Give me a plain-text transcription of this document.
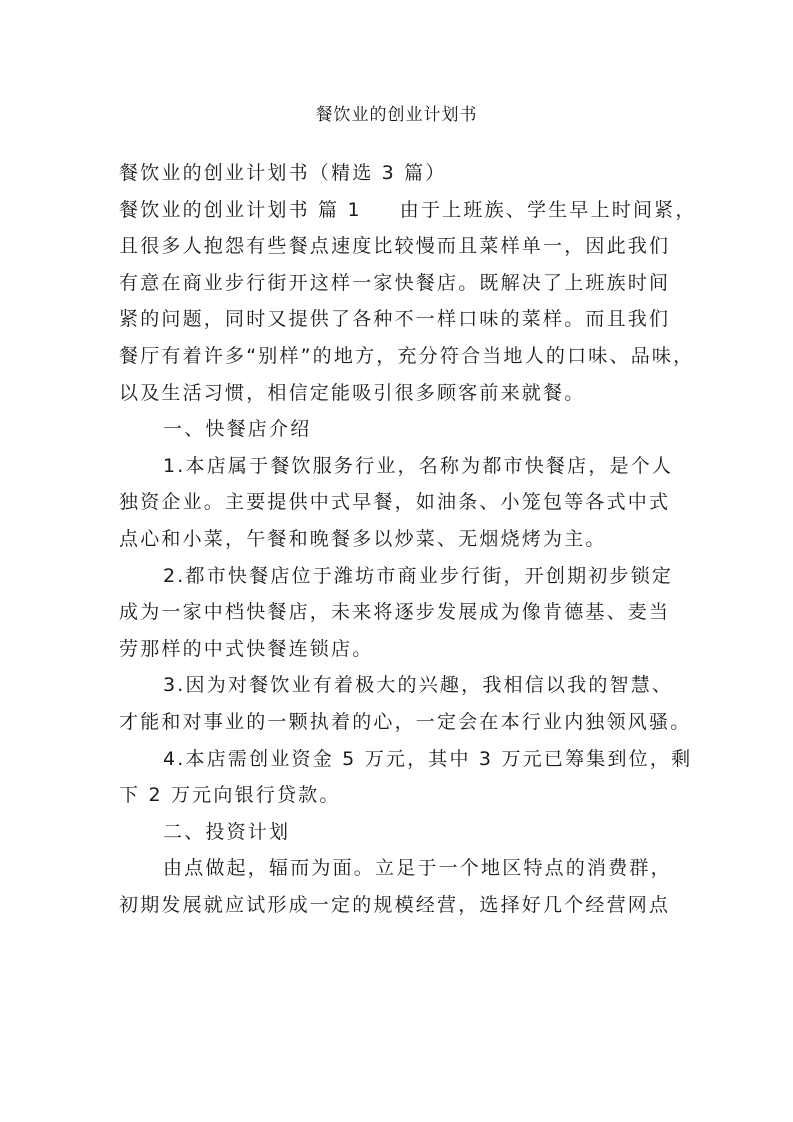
餐饮业的创业计划书
餐饮业的创业计划书（精选 3 篇）
餐饮业的创业计划书 篇 1 由于上班族、学生早上时间紧，
且很多人抱怨有些餐点速度比较慢而且菜样单一，因此我们
有意在商业步行街开这样一家快餐店。既解决了上班族时间
紧的问题，同时又提供了各种不一样口味的菜样。而且我们
餐厅有着许多“别样”的地方，充分符合当地人的口味、品味，
以及生活习惯，相信定能吸引很多顾客前来就餐。
一、快餐店介绍
1.本店属于餐饮服务行业，名称为都市快餐店，是个人
独资企业。主要提供中式早餐，如油条、小笼包等各式中式
点心和小菜，午餐和晚餐多以炒菜、无烟烧烤为主。
2.都市快餐店位于潍坊市商业步行街，开创期初步锁定
成为一家中档快餐店，未来将逐步发展成为像肯德基、麦当
劳那样的中式快餐连锁店。
3.因为对餐饮业有着极大的兴趣，我相信以我的智慧、
才能和对事业的一颗执着的心，一定会在本行业内独领风骚。
4.本店需创业资金 5 万元，其中 3 万元已筹集到位，剩
下 2 万元向银行贷款。
二、投资计划
由点做起，辐而为面。立足于一个地区特点的消费群，
初期发展就应试形成一定的规模经营，选择好几个经营网点
